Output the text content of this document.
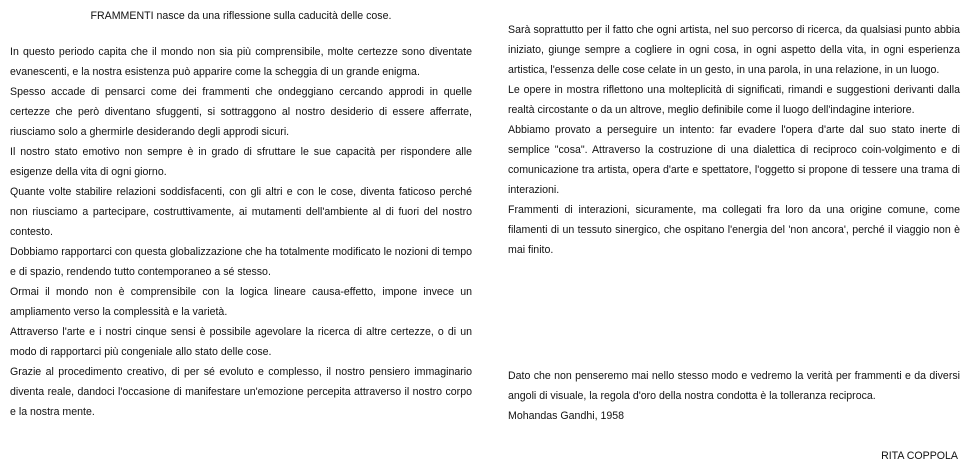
FRAMMENTI nasce da una riflessione sulla caducità delle cose.

In questo periodo capita che il mondo non sia più comprensibile, molte certezze sono diventate evanescenti, e la nostra esistenza può apparire come la scheggia di un grande enigma.

Spesso accade di pensarci come dei frammenti che ondeggiano cercando approdi in quelle certezze che però diventano sfuggenti, si sottraggono al nostro desiderio di essere afferrate, riusciamo solo a ghermirle desiderando degli approdi sicuri.

Il nostro stato emotivo non sempre è in grado di sfruttare le sue capacità per rispondere alle esigenze della vita di ogni giorno.

Quante volte stabilire relazioni soddisfacenti, con gli altri e con le cose, diventa faticoso perché non riusciamo a partecipare, costruttivamente, ai mutamenti dell'ambiente al di fuori del nostro contesto.

Dobbiamo rapportarci con questa globalizzazione che ha totalmente modificato le nozioni di tempo e di spazio, rendendo tutto contemporaneo a sé stesso.

Ormai il mondo non è comprensibile con la logica lineare causa-effetto, impone invece un ampliamento verso la complessità e la varietà.

Attraverso l'arte e i nostri cinque sensi è possibile agevolare la ricerca di altre certezze, o di un modo di rapportarci più congeniale allo stato delle cose.

Grazie al procedimento creativo, di per sé evoluto e complesso, il nostro pensiero immaginario diventa reale, dandoci l'occasione di manifestare un'emozione percepita attraverso il nostro corpo e la nostra mente.

Sarà soprattutto per il fatto che ogni artista, nel suo percorso di ricerca, da qualsiasi punto abbia iniziato, giunge sempre a cogliere in ogni cosa, in ogni aspetto della vita, in ogni esperienza artistica, l'essenza delle cose celate in un gesto, in una parola, in una relazione, in un luogo.

Le opere in mostra riflettono una molteplicità di significati, rimandi e suggestioni derivanti dalla realtà circostante o da un altrove, meglio definibile come il luogo dell'indagine interiore.

Abbiamo provato a perseguire un intento: far evadere l'opera d'arte dal suo stato inerte di semplice "cosa". Attraverso la costruzione di una dialettica di reciproco coin-volgimento e di comunicazione tra artista, opera d'arte e spettatore, l'oggetto si propone di tessere una trama di interazioni.

Frammenti di interazioni, sicuramente, ma collegati fra loro da una origine comune, come filamenti di un tessuto sinergico, che ospitano l'energia del 'non ancora', perché il viaggio non è mai finito.

Dato che non penseremo mai nello stesso modo e vedremo la verità per frammenti e da diversi angoli di visuale, la regola d'oro della nostra condotta è la tolleranza reciproca.

Mohandas Gandhi, 1958

RITA COPPOLA
